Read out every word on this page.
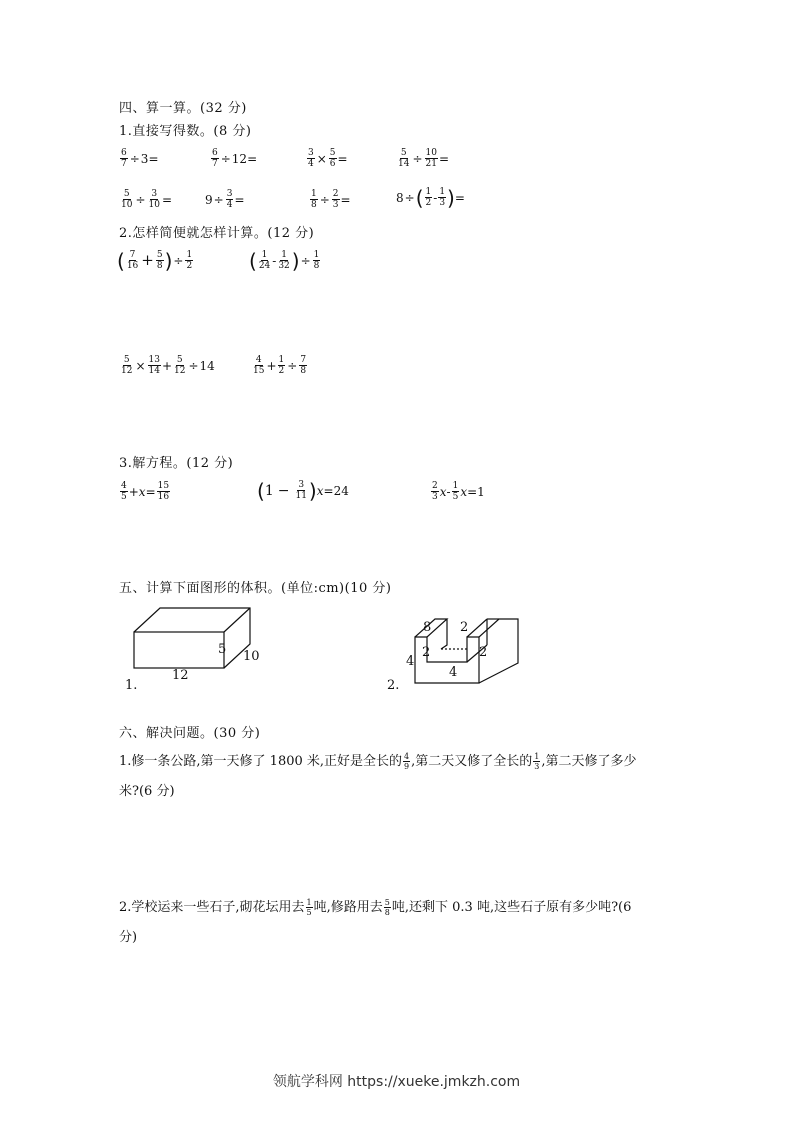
四、算一算。(32 分)
1.直接写得数。(8 分)
$\frac{6}{7} \div 3$ =	$\frac{6}{7} \div 12$ =	$\frac{3}{4} \times \frac{5}{6}$ =	$\frac{5}{14} \div \frac{10}{21}$ =
$\frac{5}{10} \div \frac{3}{10}$ =	$9 \div \frac{3}{4}$ =	$\frac{1}{8} \div \frac{2}{3}$ =	8 ÷ ( $\frac{1}{2} - \frac{1}{3}$ ) =
2.怎样简便就怎样计算。(12 分)
( $\frac{7}{16} + \frac{5}{8}$ ) ÷ $\frac{1}{2}$	( $\frac{1}{24} - \frac{1}{32}$ ) ÷ $\frac{1}{8}$
$\frac{5}{12} \times \frac{13}{14} + \frac{5}{12} \div 14$	$\frac{4}{15} + \frac{1}{2} \div \frac{7}{8}$
3.解方程。(12 分)
$\frac{4}{5} + x = \frac{15}{16}$	( $1 - \frac{3}{11}$ ) x =24	$\frac{2}{3}$ x - $\frac{1}{5}$ x =1
五、计算下面图形的体积。(单位:cm)(10 分)
1.
12
5 10
2.
8 2
4
2	2
4
六、解决问题。(30 分)
1.修一条公路,第一天修了 1800 米,正好是全长的 $\frac{4}{9}$ ,第二天又修了全长的 $\frac{1}{3}$ ,第二天修了多少米?(6 分)
2.学校运来一些石子,砌花坛用去 $\frac{1}{5}$ 吨,修路用去 $\frac{5}{8}$ 吨,还剩下 0.3 吨,这些石子原有多少吨?(6 分)
领航学科网 https://xueke.jmkzh.com
